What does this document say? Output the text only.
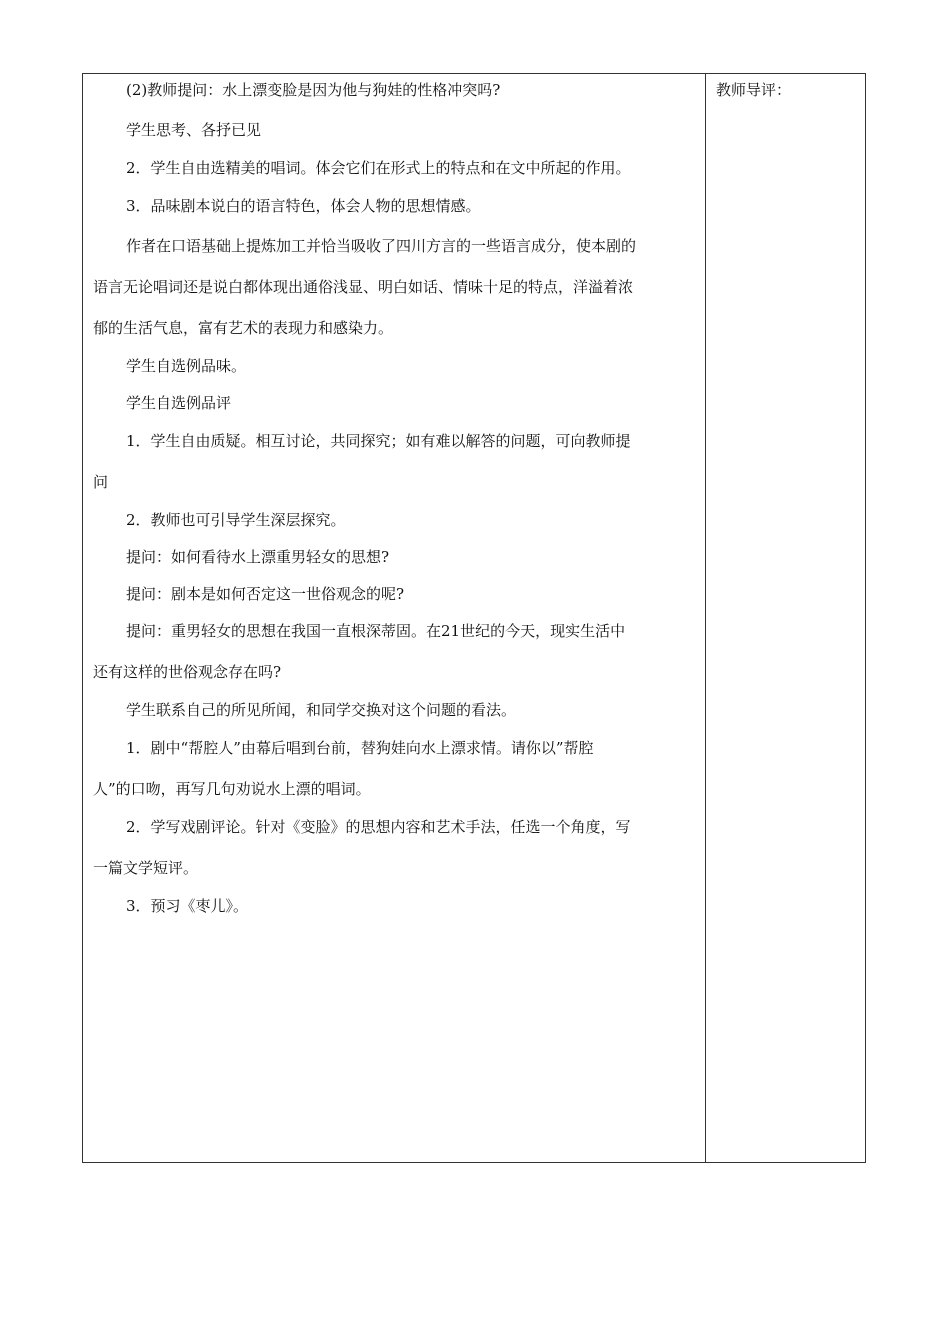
(2)教师提问：水上漂变脸是因为他与狗娃的性格冲突吗?

学生思考、各抒已见

2．学生自由选精美的唱词。体会它们在形式上的特点和在文中所起的作用。

3．品味剧本说白的语言特色，体会人物的思想情感。

作者在口语基础上提炼加工并恰当吸收了四川方言的一些语言成分，使本剧的

语言无论唱词还是说白都体现出通俗浅显、明白如话、情味十足的特点，洋溢着浓

郁的生活气息，富有艺术的表现力和感染力。

学生自选例品味。

学生自选例品评

1．学生自由质疑。相互讨论，共同探究；如有难以解答的问题，可向教师提

问

2．教师也可引导学生深层探究。

提问：如何看待水上漂重男轻女的思想?

提问：剧本是如何否定这一世俗观念的呢?

提问：重男轻女的思想在我国一直根深蒂固。在21世纪的今天，现实生活中

还有这样的世俗观念存在吗?

学生联系自己的所见所闻，和同学交换对这个问题的看法。

1．剧中“帮腔人”由幕后唱到台前，替狗娃向水上漂求情。请你以”帮腔

人”的口吻，再写几句劝说水上漂的唱词。

2．学写戏剧评论。针对《变脸》的思想内容和艺术手法，任选一个角度，写

一篇文学短评。

3．预习《枣儿》。

教师导评：
